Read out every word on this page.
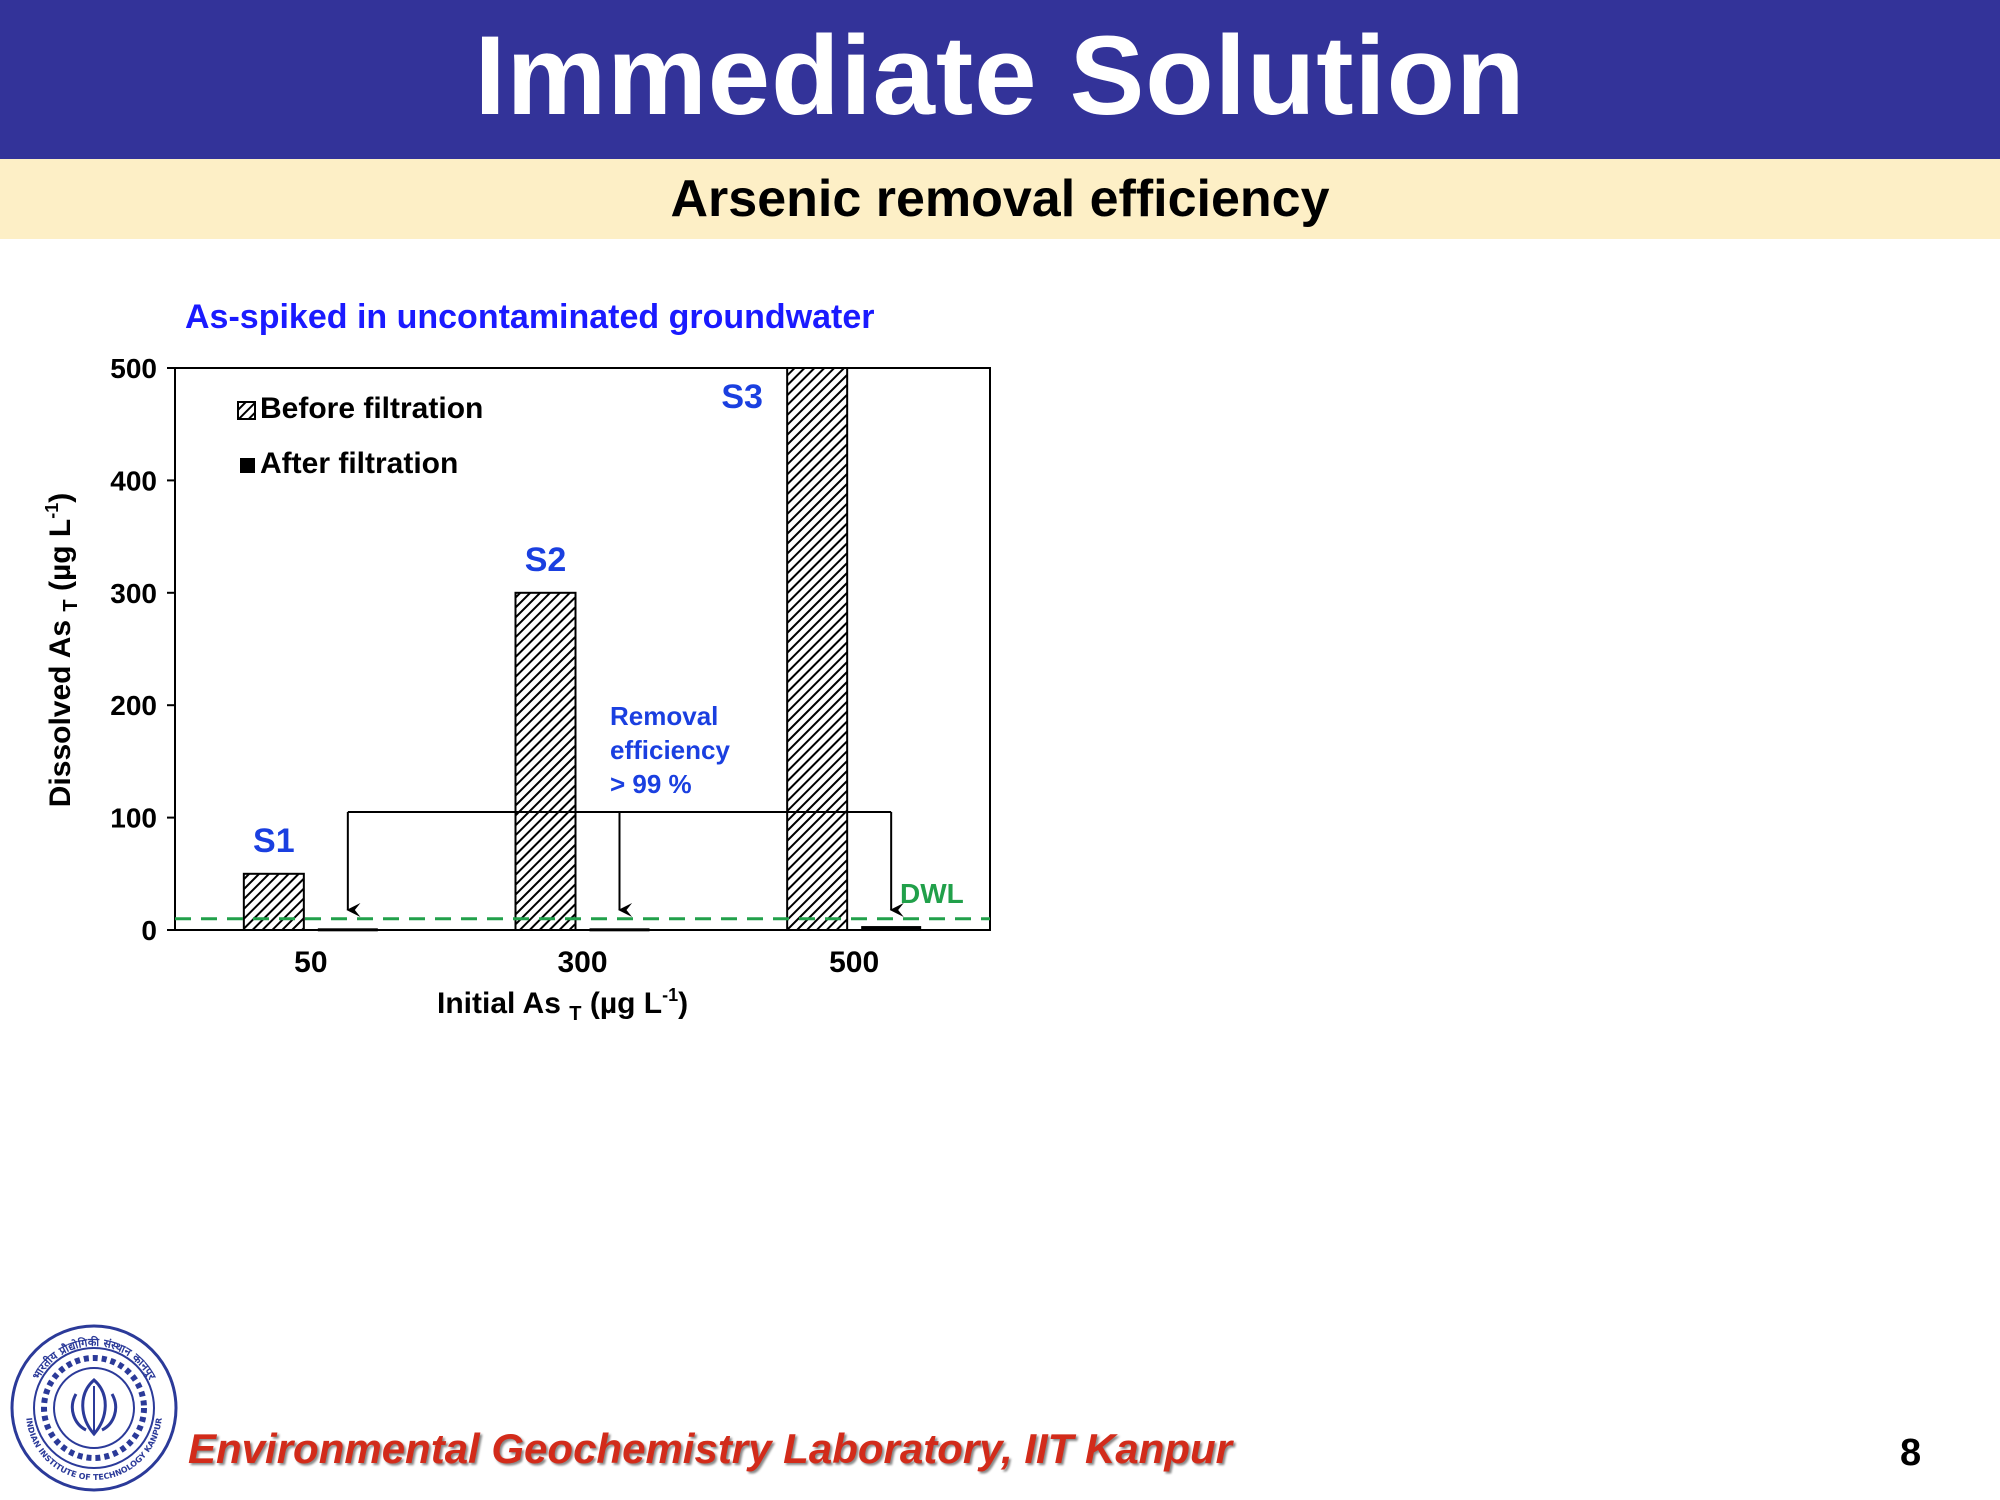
Immediate Solution
Arsenic removal efficiency
As-spiked in uncontaminated groundwater
0
100
200
300
400
500
S1
S2
S3
50	300	500
DWL
Removal
efficiency
> 99 %
Before filtration
After filtration
Initial As $_T$ (µg $L^{-1}$)
Dissolved As $_T$ (µg $L^{-1}$)
भारतीय प्रौद्योगिकी संस्थान कानपुर
INDIAN INSTITUTE OF TECHNOLOGY KANPUR
Environmental Geochemistry Laboratory, IIT Kanpur	8
